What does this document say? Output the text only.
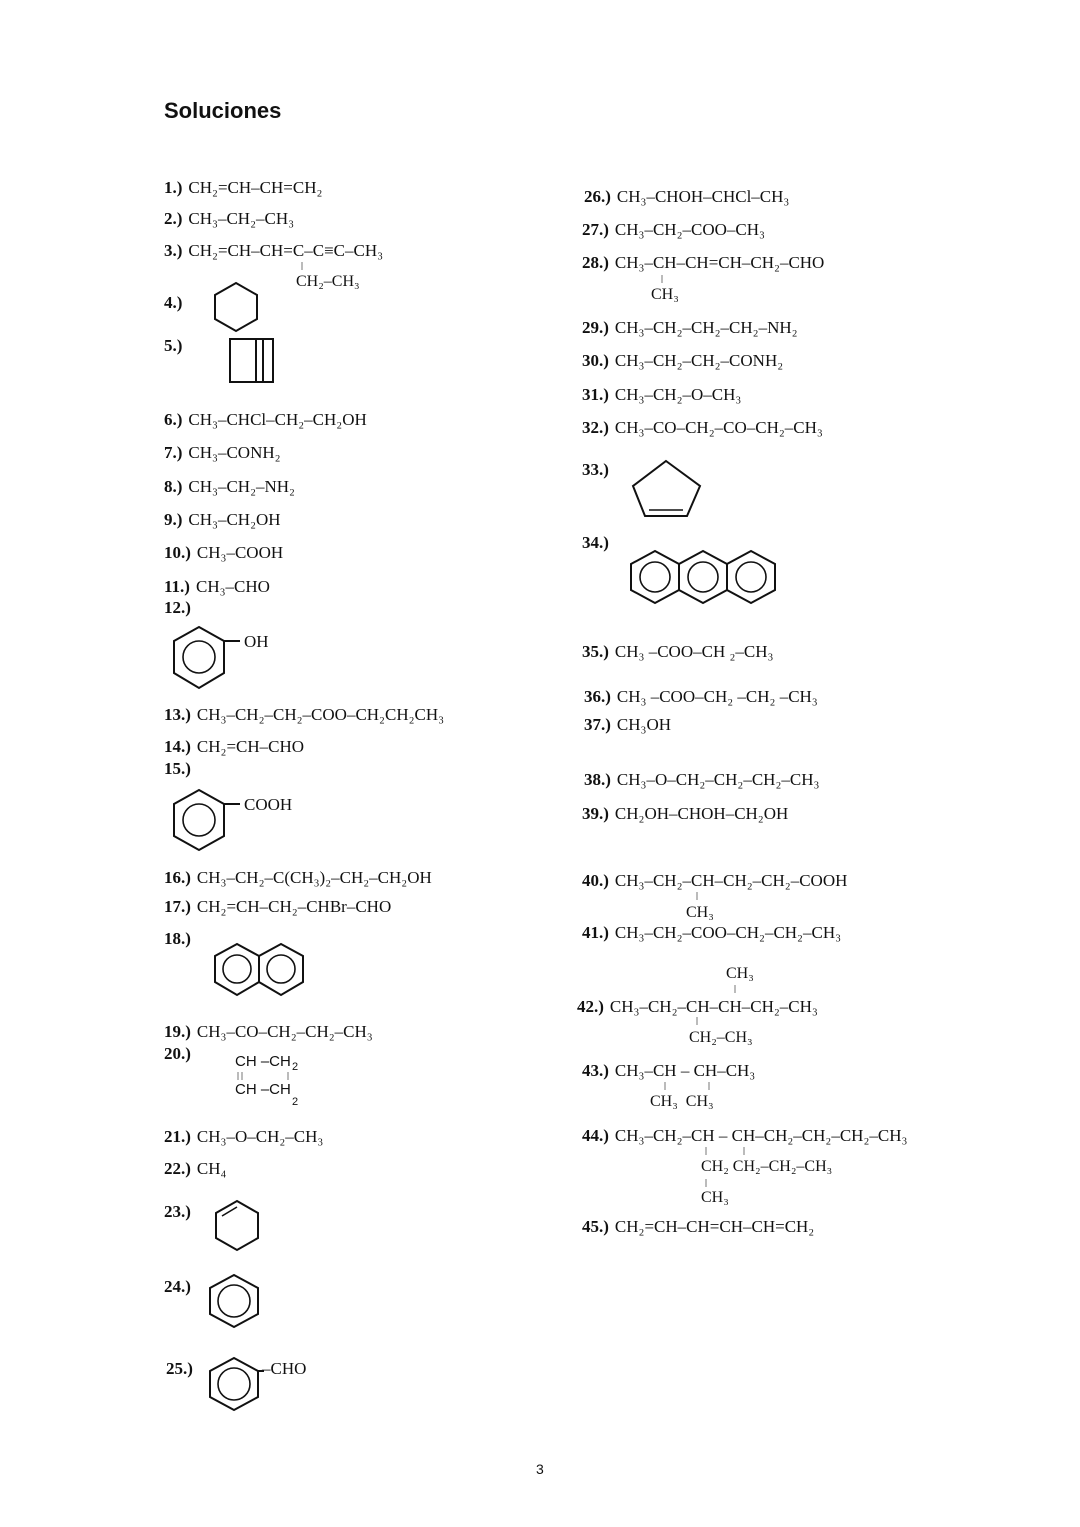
Soluciones
1.) CH₂=CH–CH=CH₂
2.) CH₃–CH₂–CH₃
3.) CH₂=CH–CH=C–C≡C–CH₃
CH₂–CH₃
4.)
5.)
6.) CH₃–CHCl–CH₂–CH₂OH
7.) CH₃–CONH₂
8.) CH₃–CH₂–NH₂
9.) CH₃–CH₂OH
10.) CH₃–COOH
11.) CH₃–CHO
12.)
OH
13.) CH₃–CH₂–CH₂–COO–CH₂CH₂CH₃
14.) CH₂=CH–CHO
15.)
COOH
16.) CH₃–CH₂–C(CH₃)₂–CH₂–CH₂OH
17.) CH₂=CH–CH₂–CHBr–CHO
18.)
19.) CH₃–CO–CH₂–CH₂–CH₃
20.)	CH –CH 2
CH –CH
2
21.) CH₃–O–CH₂–CH₃
22.) CH₄
23.)
24.)
25.)	–CHO
26.) CH₃–CHOH–CHCl–CH₃
27.) CH₃–CH₂–COO–CH₃
28.) CH₃–CH–CH=CH–CH₂–CHO
CH₃
29.) CH₃–CH₂–CH₂–CH₂–NH₂
30.) CH₃–CH₂–CH₂–CONH₂
31.) CH₃–CH₂–O–CH₃
32.) CH₃–CO–CH₂–CO–CH₂–CH₃
33.)
34.)
35.) CH₃ –COO–CH ₂–CH₃
36.) CH₃ –COO–CH₂ –CH₂ –CH₃
37.) CH₃OH
38.) CH₃–O–CH₂–CH₂–CH₂–CH₃
39.) CH₂OH–CHOH–CH₂OH
40.) CH₃–CH₂–CH–CH₂–CH₂–COOH
CH₃
41.) CH₃–CH₂–COO–CH₂–CH₂–CH₃
CH₃
42.) CH₃–CH₂–CH–CH–CH₂–CH₃
CH₂–CH₃
43.) CH₃–CH – CH–CH₃
CH₃  CH₃
44.) CH₃–CH₂–CH – CH–CH₂–CH₂–CH₂–CH₃
CH₂ CH₂–CH₂–CH₃
CH₃
45.) CH₂=CH–CH=CH–CH=CH₂
3
